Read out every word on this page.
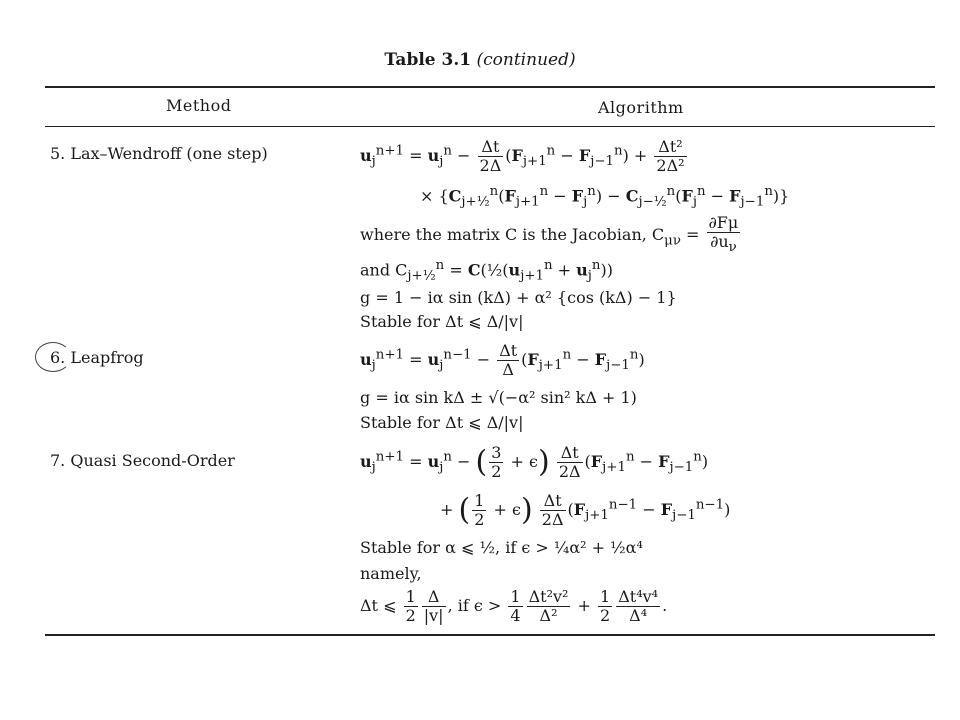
Table 3.1 (continued)
Method	Algorithm
5. Lax–Wendroff (one step)
6. Leapfrog
7. Quasi Second-Order
$u_j^{n+1} = u_j^n - \frac{\Delta t}{2\Delta} (F_{j+1}^n - F_{j-1}^n) + \frac{\text{Δt²}}{\text{2Δ²}}$
× $\{C_{j+\frac{1}{2}}^n(F_{j+1}^n - F_j^n) - C_{j-\frac{1}{2}}^n(F_j^n - F_{j-1}^n)\}$
where the matrix C is the Jacobian, $C_{\mu\nu} = \frac{\partial F\mu}{\partial u_\nu}$
and $C_{j+\frac{1}{2}}^n$ = $C(\frac{1}{2}(u_{j+1}^n + u_j^n))$
g = 1 − iα sin (kΔ) + α² {cos (kΔ) − 1}
Stable for Δt ⩽ Δ/|v|
$u_j^{n+1} = u_j^{n-1} - \frac{\Delta t}{\Delta} (F_{j+1}^n - F_{j-1}^n)$
g = iα sin kΔ ± √(−α² sin² kΔ + 1)
Stable for Δt ⩽ Δ/|v|
$u_j^{n+1} = u_j^n$ − ( $\frac{3}{2} + \epsilon) \frac{\Delta t}{2\Delta} (F_{j+1}^n - F_{j-1}^n)$
+ ( $\frac{1}{2} + \epsilon) \frac{\Delta t}{2\Delta} (F_{j+1}^{n-1} - F_{j-1}^{n-1})$
Stable for α ⩽ ½, if ϵ > ¼α² + ½α⁴
namely,
Δt ⩽ $\frac{1}{2} \frac{\Delta}{|v|}$ , if $\epsilon > \frac{1}{4} \frac{\text{Δt²v²}}{\text{Δ²}} + \frac{1}{2} \frac{\text{Δt⁴v⁴}}{\text{Δ⁴}}$ .
